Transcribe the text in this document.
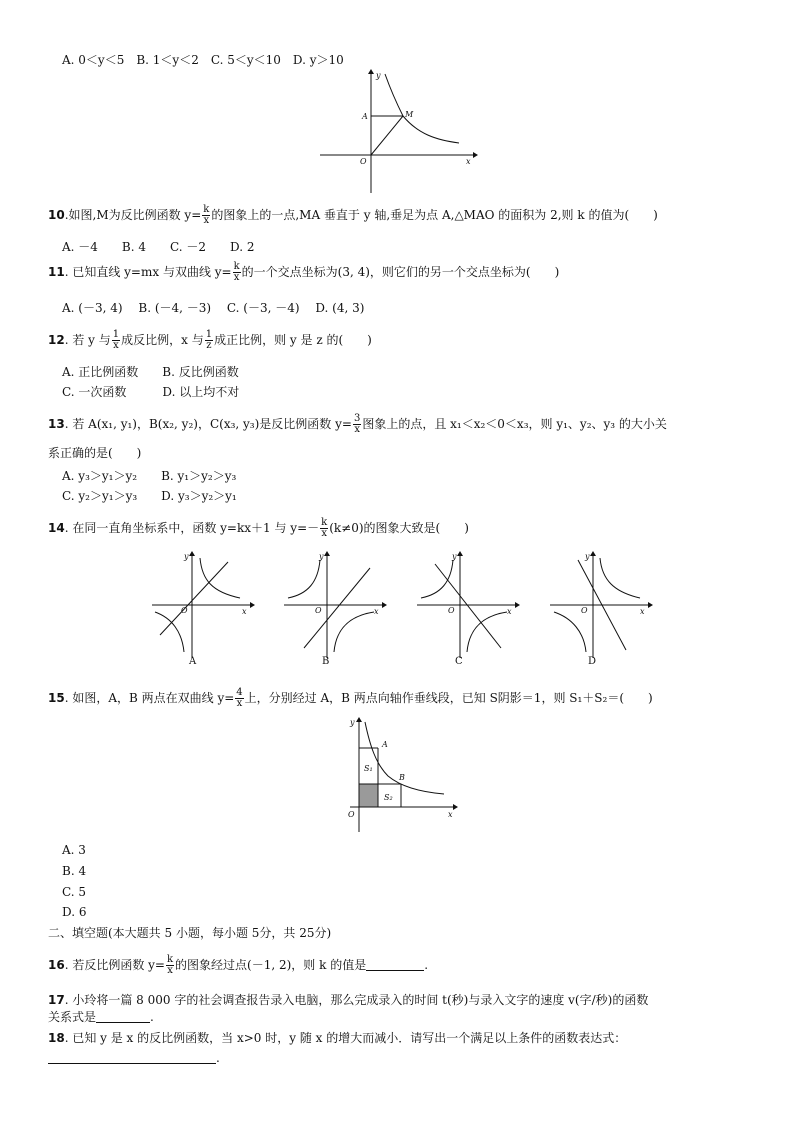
A. 0＜y＜5　B. 1＜y＜2　C. 5＜y＜10　D. y＞10
y
x
O
A	M
10.如图,M为反比例函数 $y= \frac{k}{x}$ 的图象上的一点,MA 垂直于 y 轴,垂足为点 A,△MAO 的面积为 2,则 k 的值为(　　)
A. －4　　B. 4　　C. －2　　D. 2
11. 已知直线 y=mx 与双曲线 $y= \frac{k}{x}$ 的一个交点坐标为(3, 4)，则它们的另一个交点坐标为(　　)
A. (－3, 4)　 B. (－4, －3)　 C. (－3, －4)　 D. (4, 3)
12. 若 y 与 $\frac{1}{x}$ 成反比例，x 与 $\frac{1}{z}$ 成正比例，则 y 是 z 的(　　)
A. 正比例函数　　B. 反比例函数
C. 一次函数　　　D. 以上均不对
13. 若 A(x₁, y₁)，B(x₂, y₂)，C(x₃, y₃)是反比例函数 $y= \frac{3}{x}$ 图象上的点，且 x₁＜x₂＜0＜x₃，则 y₁、y₂、y₃ 的大小关
系正确的是(　　)
A. y₃＞y₁＞y₂　　B. y₁＞y₂＞y₃
C. y₂＞y₁＞y₃　　D. y₃＞y₂＞y₁
14. 在同一直角坐标系中，函数 y=kx＋1 与 $y=- \frac{k}{x} (k\ne 0)$的图象大致是(　　)
y
x
O
A
y
x
O
B
y
x
O
C
y
x
O
D
15. 如图，A，B 两点在双曲线 $y= \frac{4}{x}$ 上，分别经过 A，B 两点向轴作垂线段，已知 S阴影＝1，则 S₁＋S₂＝(　　)
y
x
O
A
B
S₁
S₂
A. 3
B. 4
C. 5
D. 6
二、填空题(本大题共 5 小题，每小题 5分，共 25分)
16. 若反比例函数 $y= \frac{k}{x}$ 的图象经过点(－1, 2)，则 k 的值是	.
17. 小玲将一篇 8 000 字的社会调查报告录入电脑，那么完成录入的时间 t(秒)与录入文字的速度 v(字/秒)的函数
关系式是	.
18. 已知 y 是 x 的反比例函数，当 x>0 时，y 随 x 的增大而减小．请写出一个满足以上条件的函数表达式：
.
